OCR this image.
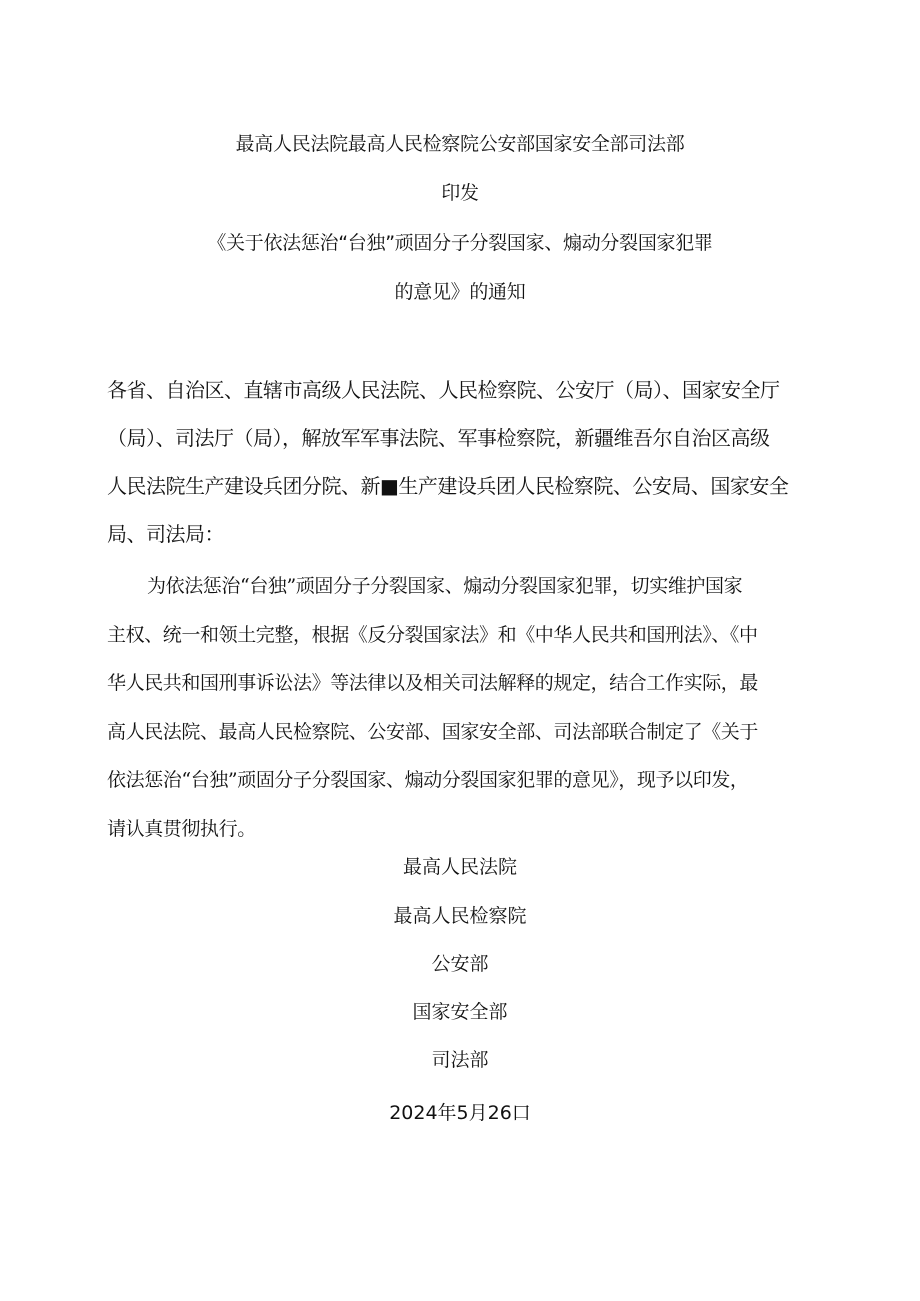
最高人民法院最高人民检察院公安部国家安全部司法部
印发
《关于依法惩治“台独”顽固分子分裂国家、煽动分裂国家犯罪
的意见》的通知
各省、自治区、直辖市高级人民法院、人民检察院、公安厅（局）、国家安全厅
（局）、司法厅（局），解放军军事法院、军事检察院，新疆维吾尔自治区高级
人民法院生产建设兵团分院、新■生产建设兵团人民检察院、公安局、国家安全
局、司法局：
为依法惩治“台独”顽固分子分裂国家、煽动分裂国家犯罪，切实维护国家
主权、统一和领土完整，根据《反分裂国家法》和《中华人民共和国刑法》、《中
华人民共和国刑事诉讼法》等法律以及相关司法解释的规定，结合工作实际，最
高人民法院、最高人民检察院、公安部、国家安全部、司法部联合制定了《关于
依法惩治“台独”顽固分子分裂国家、煽动分裂国家犯罪的意见》，现予以印发，
请认真贯彻执行。
最高人民法院
最高人民检察院
公安部
国家安全部
司法部
2024年5月26口
